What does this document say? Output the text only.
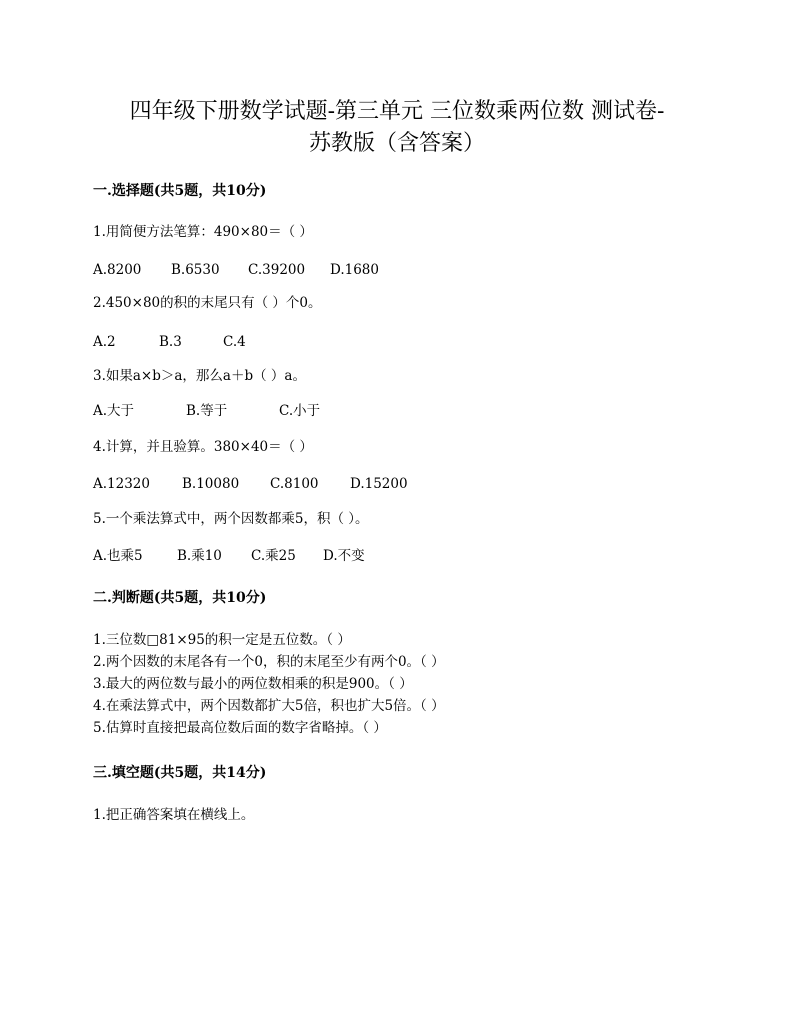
四年级下册数学试题-第三单元 三位数乘两位数 测试卷-
苏教版（含答案）
一.选择题(共5题，共10分)
1.用简便方法笔算：490×80＝（ ）
A.8200 B.6530 C.39200 D.1680
2.450×80的积的末尾只有（ ）个0。
A.2	B.3	C.4
3.如果a×b＞a，那么a＋b（ ）a。
A.大于	B.等于	C.小于
4.计算，并且验算。380×40＝（ ）
A.12320 B.10080 C.8100 D.15200
5.一个乘法算式中，两个因数都乘5，积（ ）。
A.也乘5	B.乘10 C.乘25 D.不变
二.判断题(共5题，共10分)
1.三位数□81×95的积一定是五位数。（ ）
2.两个因数的末尾各有一个0，积的末尾至少有两个0。（ ）
3.最大的两位数与最小的两位数相乘的积是900。（ ）
4.在乘法算式中，两个因数都扩大5倍，积也扩大5倍。（ ）
5.估算时直接把最高位数后面的数字省略掉。（ ）
三.填空题(共5题，共14分)
1.把正确答案填在横线上。
